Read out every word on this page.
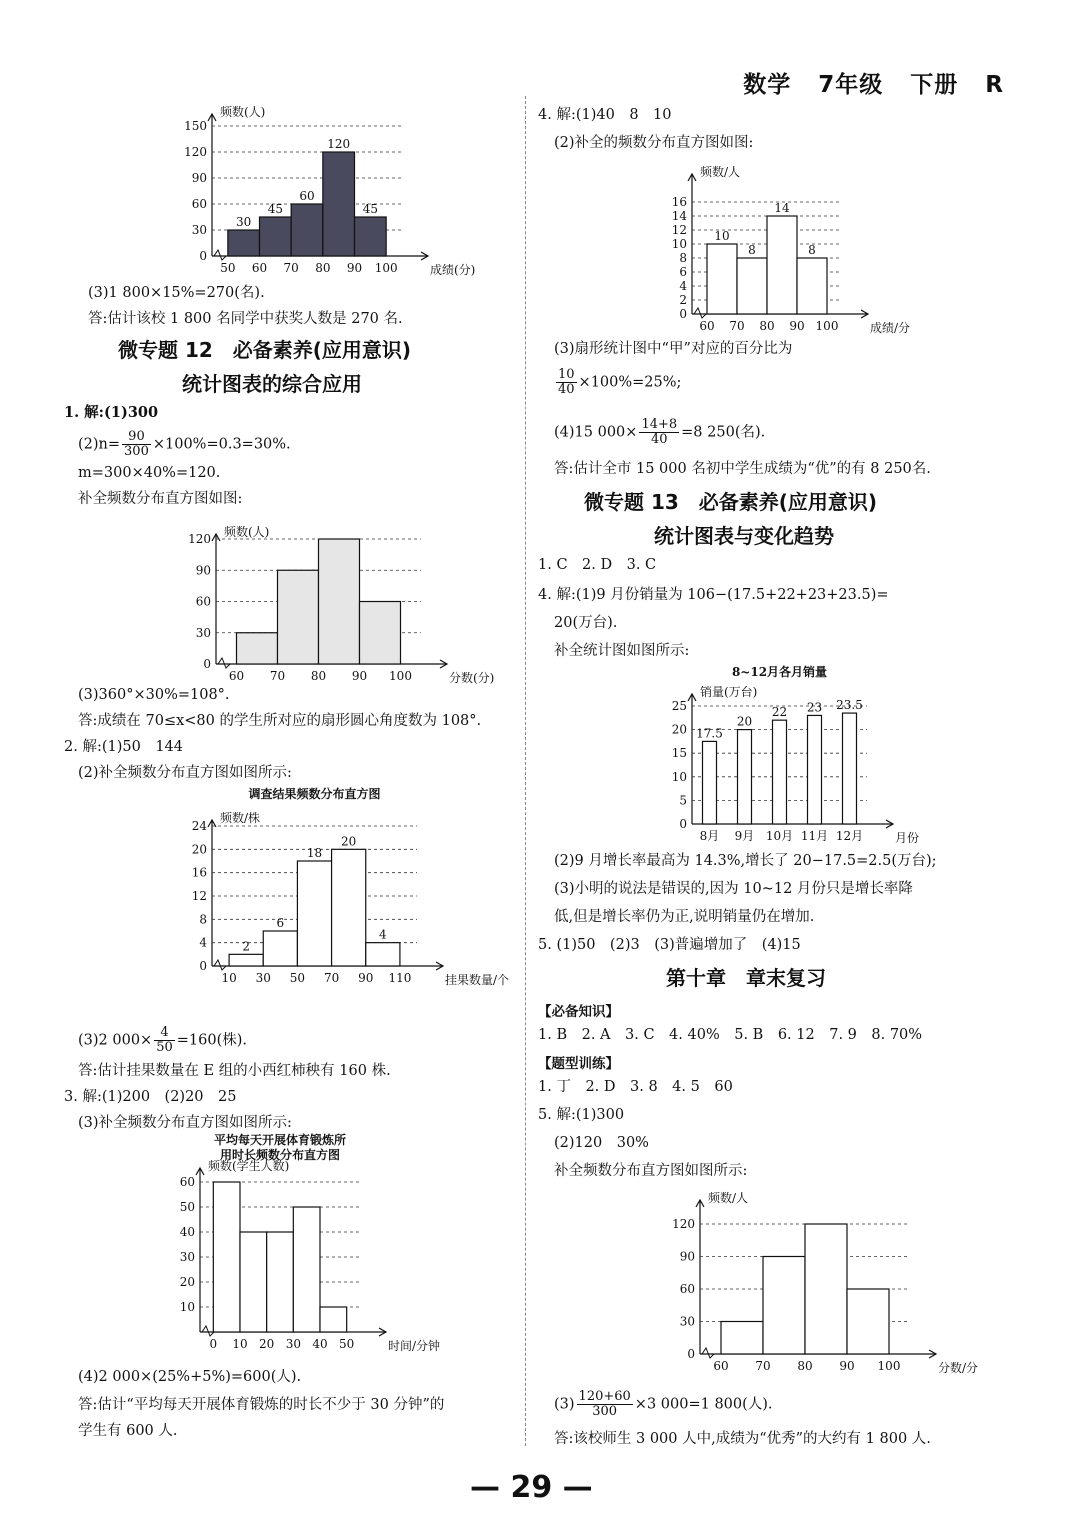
数学 7年级 下册 R
频数(人)
成绩(分)
0
30
60
90
120
150
30
45
60
120
45
50 60 70 80 90 100
(3)1 800×15%=270(名).
答:估计该校 1 800 名同学中获奖人数是 270 名.
微专题 12　必备素养(应用意识)
统计图表的综合应用
1. 解:(1)300
$(2)n= \frac{90}{300} \times 100\%=0.3=30\%$.
m=300×40%=120.
补全频数分布直方图如图:
频数(人)
分数(分)
0
30
60
90
120
60 70 80 90 100
(3)360°×30%=108°.
答:成绩在 70≤x<80 的学生所对应的扇形圆心角度数为 108°.
2. 解:(1)50　144
(2)补全频数分布直方图如图所示:
调查结果频数分布直方图
频数/株
挂果数量/个
0
4
8
12
16
20
24
2
6
18
20
4
10 30 50 70 90 110
(3)2 $000\times \frac{4}{50} =160$(株).
答:估计挂果数量在 E 组的小西红柿秧有 160 株.
3. 解:(1)200　(2)20　25
(3)补全频数分布直方图如图所示:
平均每天开展体育锻炼所
用时长频数分布直方图
频数(学生人数)
时间/分钟
10
20
30
40
50
60
0 10 20 30 40 50
(4)2 000×(25%+5%)=600(人).
答:估计“平均每天开展体育锻炼的时长不少于 30 分钟”的
学生有 600 人.
4. 解:(1)40　8　10
(2)补全的频数分布直方图如图:
频数/人
成绩/分
0
2
4
6
8
10
12
14
16
10
8
14
8
60 70 80 90 100
(3)扇形统计图中“甲”对应的百分比为
$\frac{10}{40} \times 100\%=25\%$;
(4)15 $000\times \frac{14+8}{40} =8$ 250(名).
答:估计全市 15 000 名初中学生成绩为“优”的有 8 250名.
微专题 13　必备素养(应用意识)
统计图表与变化趋势
1. C　2. D　3. C
4. 解:(1)9 月份销量为 106−(17.5+22+23+23.5)=
20(万台).
补全统计图如图所示:
8~12月各月销量
销量(万台)
月份
0
5
10
15
20
25
17.5
20
22 23 23.5
8月 9月 10月 11月 12月
(2)9 月增长率最高为 14.3%,增长了 20−17.5=2.5(万台);
(3)小明的说法是错误的,因为 10~12 月份只是增长率降
低,但是增长率仍为正,说明销量仍在增加.
5. (1)50　(2)3　(3)普遍增加了　(4)15
第十章　章末复习
【必备知识】
1. B　2. A　3. C　4. 40%　5. B　6. 12　7. 9　8. 70%
【题型训练】
1. 丁　2. D　3. 8　4. 5　60
5. 解:(1)300
(2)120　30%
补全频数分布直方图如图所示:
频数/人
分数/分
0
30
60
90
120
60 70 80 90 100
$(3) \frac{120+60}{300} \times 3$ 000=1 800(人).
答:该校师生 3 000 人中,成绩为“优秀”的大约有 1 800 人.
— 29 —
